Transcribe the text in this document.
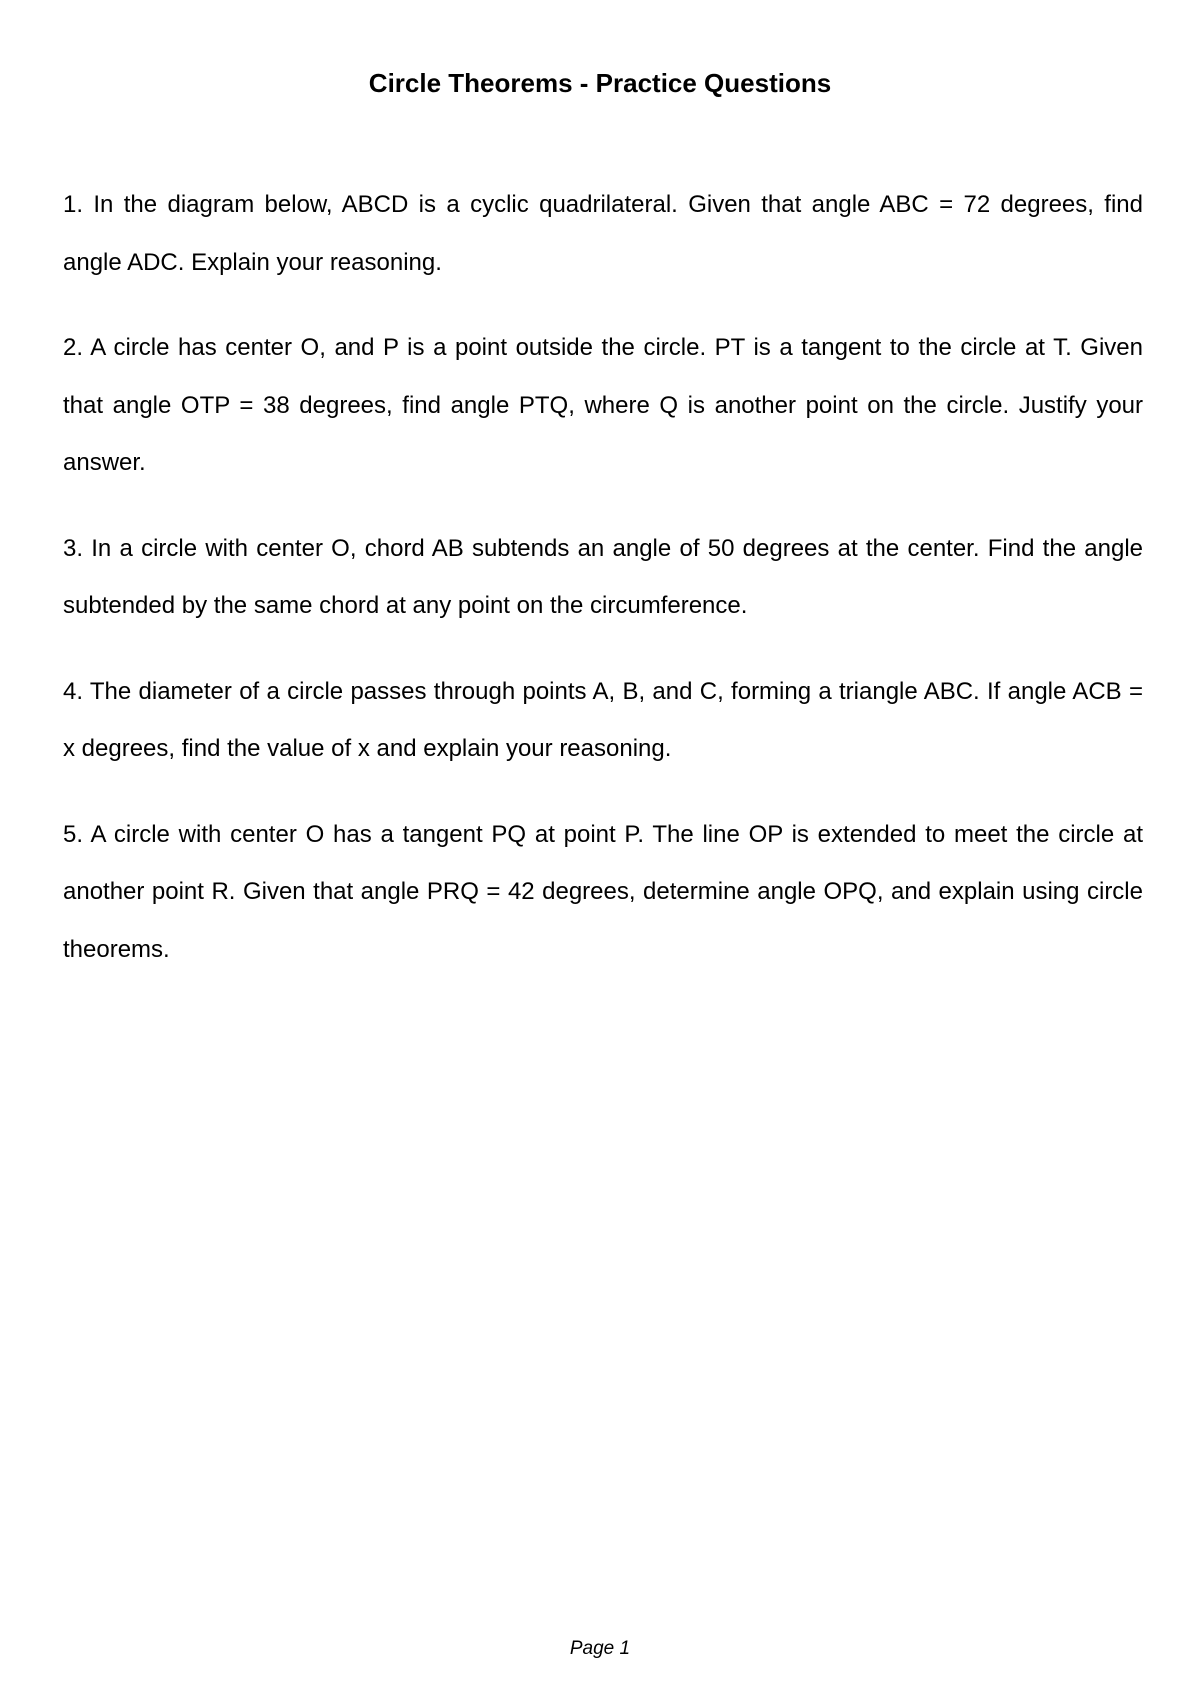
Circle Theorems - Practice Questions

1. In the diagram below, ABCD is a cyclic quadrilateral. Given that angle ABC = 72 degrees, find angle ADC. Explain your reasoning.

2. A circle has center O, and P is a point outside the circle. PT is a tangent to the circle at T. Given that angle OTP = 38 degrees, find angle PTQ, where Q is another point on the circle. Justify your answer.

3. In a circle with center O, chord AB subtends an angle of 50 degrees at the center. Find the angle subtended by the same chord at any point on the circumference.

4. The diameter of a circle passes through points A, B, and C, forming a triangle ABC. If angle ACB = x degrees, find the value of x and explain your reasoning.

5. A circle with center O has a tangent PQ at point P. The line OP is extended to meet the circle at another point R. Given that angle PRQ = 42 degrees, determine angle OPQ, and explain using circle theorems.

Page 1
